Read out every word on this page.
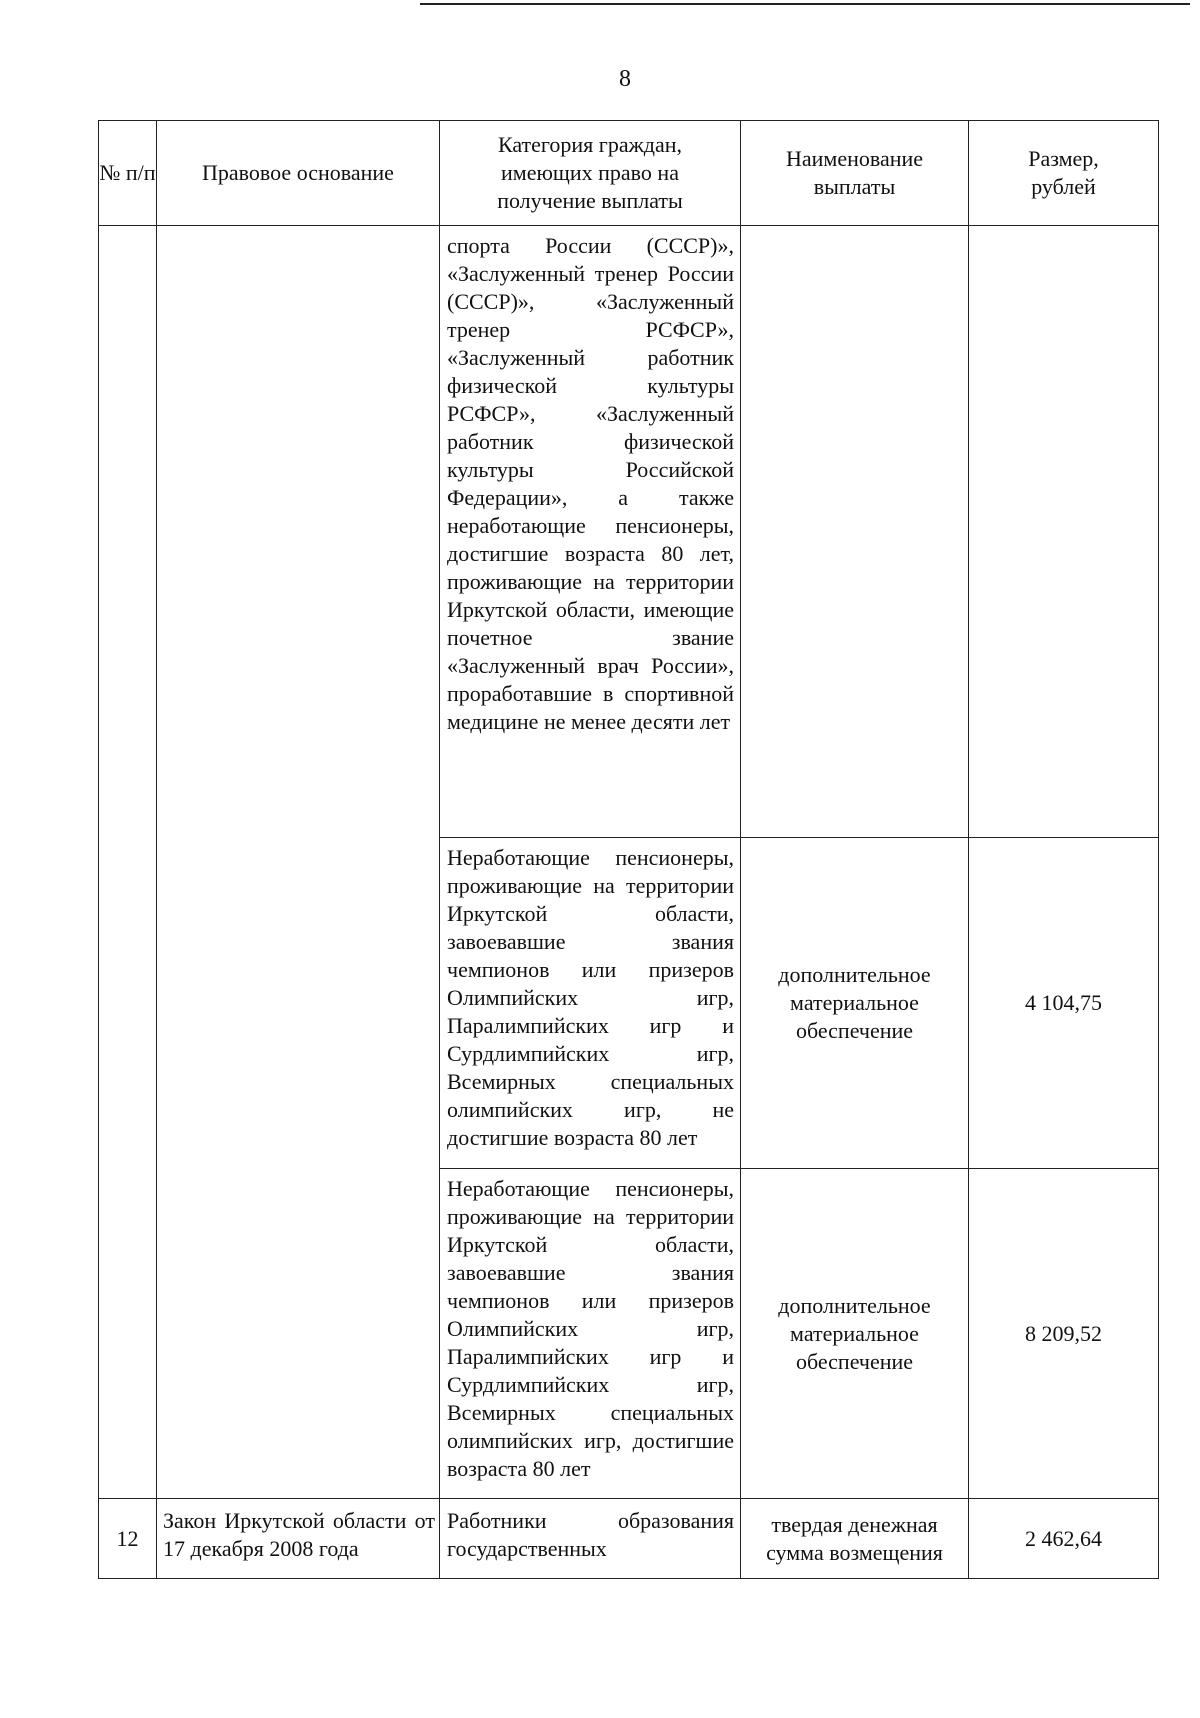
8
№ п/п	Правовое основание	Категория граждан, имеющих право на получение выплаты	Наименование выплаты	Размер, рублей
		спорта России (СССР)», «Заслуженный тренер России (СССР)», «Заслуженный тренер РСФСР», «Заслуженный работник физической культуры РСФСР», «Заслуженный работник физической культуры Российской Федерации», а также неработающие пенсионеры, достигшие возраста 80 лет, проживающие на территории Иркутской области, имеющие почетное звание «Заслуженный врач России», проработавшие в спортивной медицине не менее десяти лет		
		Неработающие пенсионеры, проживающие на территории Иркутской области, завоевавшие звания чемпионов или призеров Олимпийских игр, Паралимпийских игр и Сурдлимпийских игр, Всемирных специальных олимпийских игр, не достигшие возраста 80 лет	дополнительное материальное обеспечение	4 104,75
		Неработающие пенсионеры, проживающие на территории Иркутской области, завоевавшие звания чемпионов или призеров Олимпийских игр, Паралимпийских игр и Сурдлимпийских игр, Всемирных специальных олимпийских игр, достигшие возраста 80 лет	дополнительное материальное обеспечение	8 209,52
12	Закон Иркутской области от 17 декабря 2008 года	Работники образования государственных	твердая денежная сумма возмещения	2 462,64
